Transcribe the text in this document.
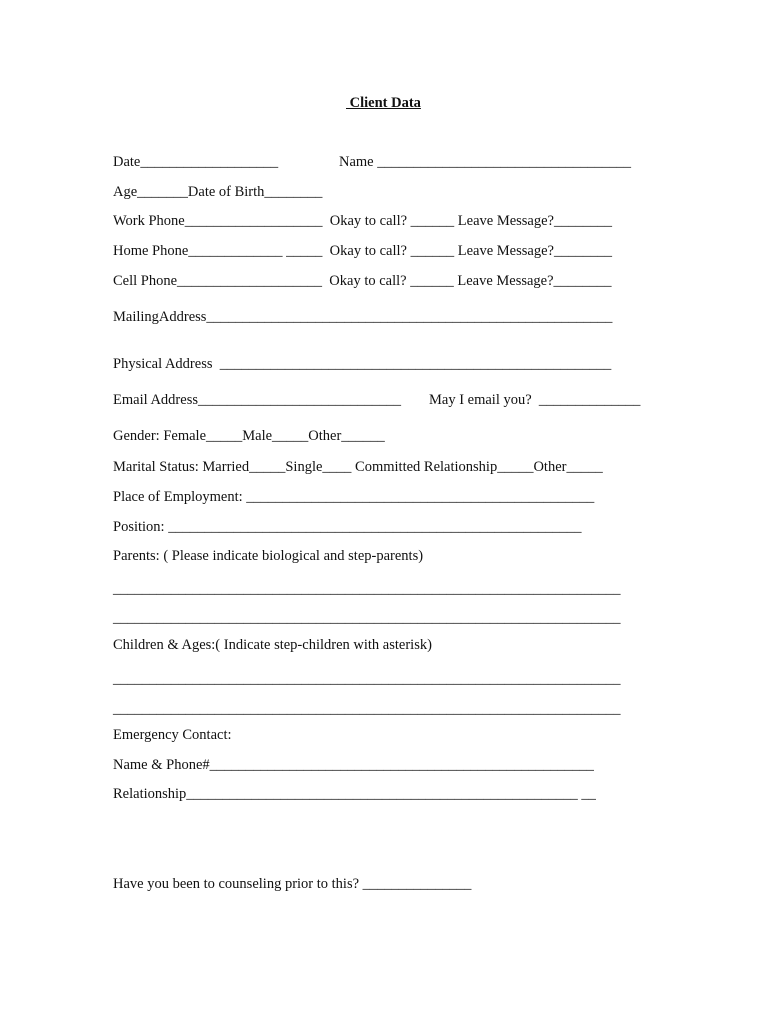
Client Data
Date___________________	Name ___________________________________
Age_______Date of Birth________
Work Phone___________________  Okay to call? ______ Leave Message?________
Home Phone_____________ _____  Okay to call? ______ Leave Message?________
Cell Phone____________________  Okay to call? ______ Leave Message?________
MailingAddress________________________________________________________
Physical Address  ______________________________________________________
Email Address____________________________ May I email you?  ______________
Gender: Female_____Male_____Other______
Marital Status: Married_____Single____ Committed Relationship_____Other_____
Place of Employment: ________________________________________________
Position: _________________________________________________________
Parents: ( Please indicate biological and step-parents)
______________________________________________________________________
______________________________________________________________________
Children & Ages:( Indicate step-children with asterisk)
______________________________________________________________________
______________________________________________________________________
Emergency Contact:
Name & Phone#_____________________________________________________
Relationship______________________________________________________ __
Have you been to counseling prior to this? _______________
